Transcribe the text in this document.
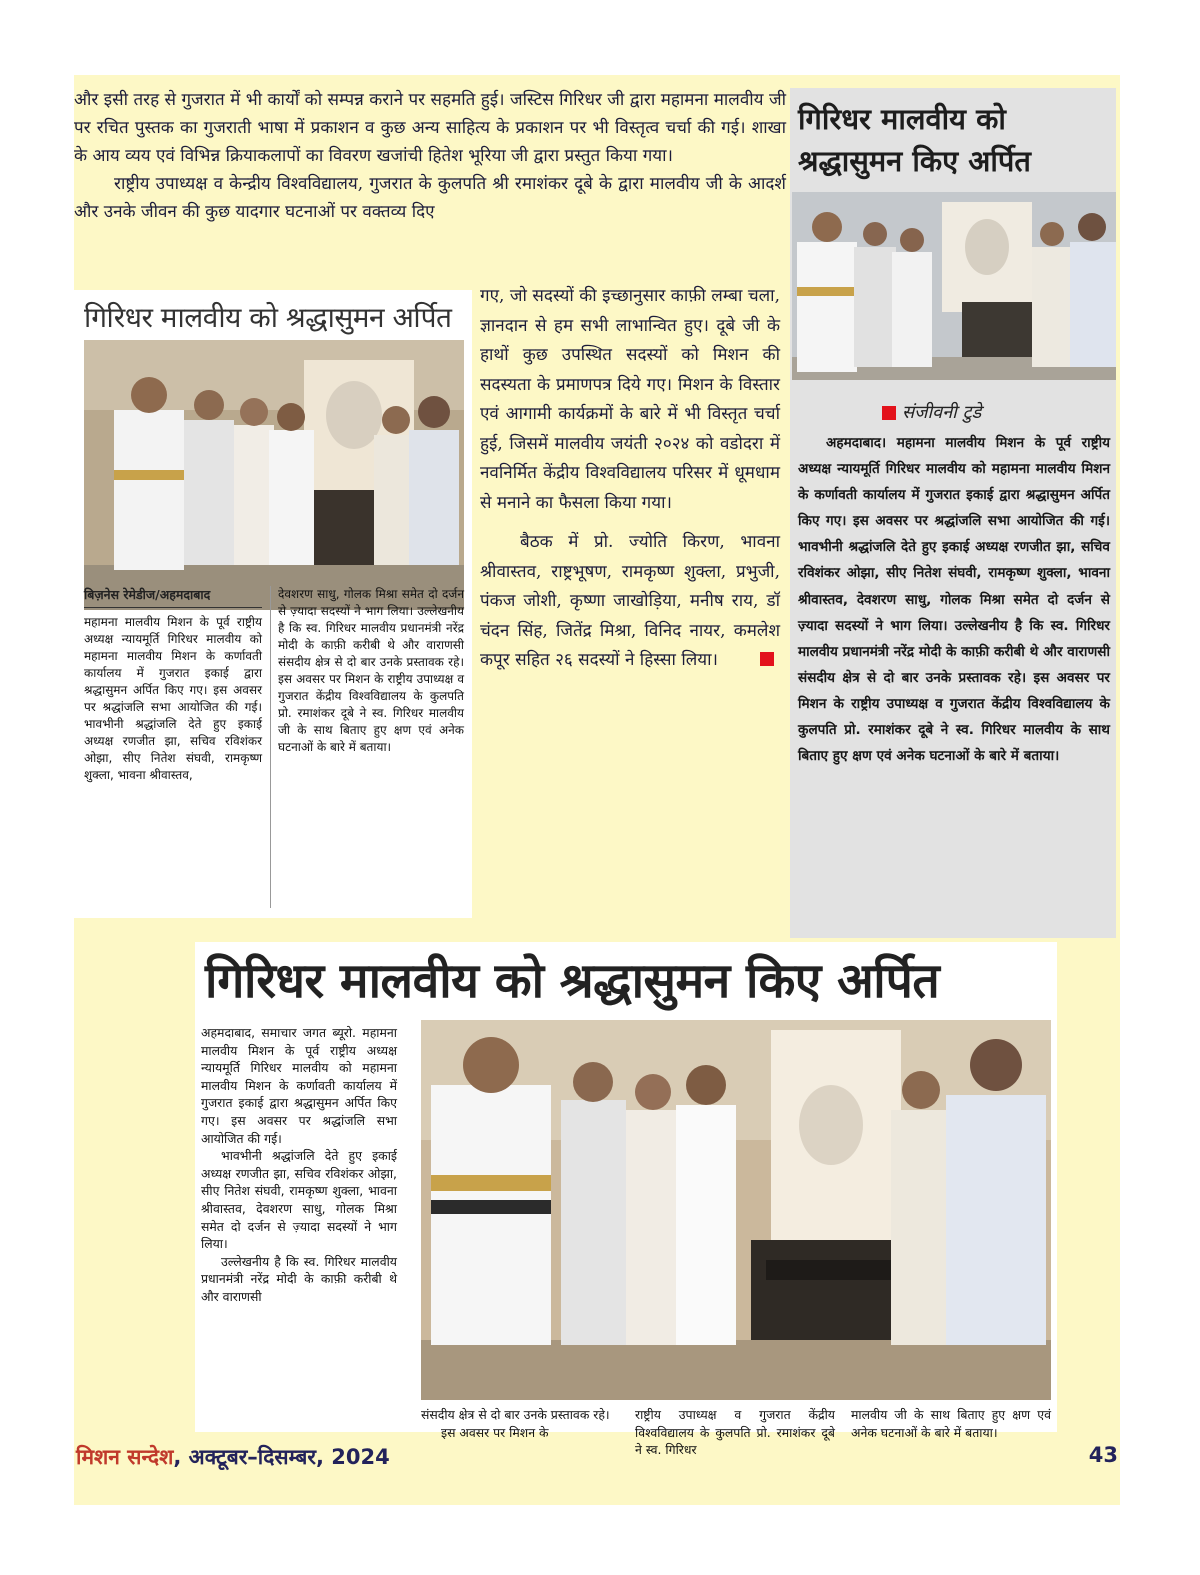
और इसी तरह से गुजरात में भी कार्यों को सम्पन्न कराने पर सहमति हुई। जस्टिस गिरिधर जी द्वारा महामना मालवीय जी पर रचित पुस्तक का गुजराती भाषा में प्रकाशन व कुछ अन्य साहित्य के प्रकाशन पर भी विस्तृत्व चर्चा की गई। शाखा के आय व्यय एवं विभिन्न क्रियाकलापों का विवरण खजांची हितेश भूरिया जी द्वारा प्रस्तुत किया गया।

राष्ट्रीय उपाध्यक्ष व केन्द्रीय विश्वविद्यालय, गुजरात के कुलपति श्री रमाशंकर दूबे के द्वारा मालवीय जी के आदर्श और उनके जीवन की कुछ यादगार घटनाओं पर वक्तव्य दिए

गए, जो सदस्यों की इच्छानुसार काफ़ी लम्बा चला, ज्ञानदान से हम सभी लाभान्वित हुए। दूबे जी के हाथों कुछ उपस्थित सदस्यों को मिशन की सदस्यता के प्रमाणपत्र दिये गए। मिशन के विस्तार एवं आगामी कार्यक्रमों के बारे में भी विस्तृत चर्चा हुई, जिसमें मालवीय जयंती २०२४ को वडोदरा में नवनिर्मित केंद्रीय विश्वविद्यालय परिसर में धूमधाम से मनाने का फैसला किया गया।

बैठक में प्रो. ज्योति किरण, भावना श्रीवास्तव, राष्ट्रभूषण, रामकृष्ण शुक्ला, प्रभुजी, पंकज जोशी, कृष्णा जाखोड़िया, मनीष राय, डॉ चंदन सिंह, जितेंद्र मिश्रा, विनिद नायर, कमलेश कपूर सहित २६ सदस्यों ने हिस्सा लिया।

गिरिधर मालवीय को श्रद्धासुमन अर्पित
बिज़नेस रेमेडीज/अहमदाबाद

महामना मालवीय मिशन के पूर्व राष्ट्रीय अध्यक्ष न्यायमूर्ति गिरिधर मालवीय को महामना मालवीय मिशन के कर्णावती कार्यालय में गुजरात इकाई द्वारा श्रद्धासुमन अर्पित किए गए। इस अवसर पर श्रद्धांजलि सभा आयोजित की गई। भावभीनी श्रद्धांजलि देते हुए इकाई अध्यक्ष रणजीत झा, सचिव रविशंकर ओझा, सीए नितेश संघवी, रामकृष्ण शुक्ला, भावना श्रीवास्तव,

देवशरण साधु, गोलक मिश्रा समेत दो दर्जन से ज़्यादा सदस्यों ने भाग लिया। उल्लेखनीय है कि स्व. गिरिधर मालवीय प्रधानमंत्री नरेंद्र मोदी के काफ़ी करीबी थे और वाराणसी संसदीय क्षेत्र से दो बार उनके प्रस्तावक रहे। इस अवसर पर मिशन के राष्ट्रीय उपाध्यक्ष व गुजरात केंद्रीय विश्वविद्यालय के कुलपति प्रो. रमाशंकर दूबे ने स्व. गिरिधर मालवीय जी के साथ बिताए हुए क्षण एवं अनेक घटनाओं के बारे में बताया।

गिरिधर मालवीय को
श्रद्धासुमन किए अर्पित
संजीवनी टुडे

अहमदाबाद। महामना मालवीय मिशन के पूर्व राष्ट्रीय अध्यक्ष न्यायमूर्ति गिरिधर मालवीय को महामना मालवीय मिशन के कर्णावती कार्यालय में गुजरात इकाई द्वारा श्रद्धासुमन अर्पित किए गए। इस अवसर पर श्रद्धांजलि सभा आयोजित की गई। भावभीनी श्रद्धांजलि देते हुए इकाई अध्यक्ष रणजीत झा, सचिव रविशंकर ओझा, सीए नितेश संघवी, रामकृष्ण शुक्ला, भावना श्रीवास्तव, देवशरण साधु, गोलक मिश्रा समेत दो दर्जन से ज़्यादा सदस्यों ने भाग लिया। उल्लेखनीय है कि स्व. गिरिधर मालवीय प्रधानमंत्री नरेंद्र मोदी के काफ़ी करीबी थे और वाराणसी संसदीय क्षेत्र से दो बार उनके प्रस्तावक रहे। इस अवसर पर मिशन के राष्ट्रीय उपाध्यक्ष व गुजरात केंद्रीय विश्वविद्यालय के कुलपति प्रो. रमाशंकर दूबे ने स्व. गिरिधर मालवीय के साथ बिताए हुए क्षण एवं अनेक घटनाओं के बारे में बताया।

गिरिधर मालवीय को श्रद्धासुमन किए अर्पित

अहमदाबाद, समाचार जगत ब्यूरो. महामना मालवीय मिशन के पूर्व राष्ट्रीय अध्यक्ष न्यायमूर्ति गिरिधर मालवीय को महामना मालवीय मिशन के कर्णावती कार्यालय में गुजरात इकाई द्वारा श्रद्धासुमन अर्पित किए गए। इस अवसर पर श्रद्धांजलि सभा आयोजित की गई।

भावभीनी श्रद्धांजलि देते हुए इकाई अध्यक्ष रणजीत झा, सचिव रविशंकर ओझा, सीए नितेश संघवी, रामकृष्ण शुक्ला, भावना श्रीवास्तव, देवशरण साधु, गोलक मिश्रा समेत दो दर्जन से ज़्यादा सदस्यों ने भाग लिया।

उल्लेखनीय है कि स्व. गिरिधर मालवीय प्रधानमंत्री नरेंद्र मोदी के काफ़ी करीबी थे और वाराणसी

संसदीय क्षेत्र से दो बार उनके प्रस्तावक रहे।

इस अवसर पर मिशन के

राष्ट्रीय उपाध्यक्ष व गुजरात केंद्रीय विश्वविद्यालय के कुलपति प्रो. रमाशंकर दूबे ने स्व. गिरिधर

मालवीय जी के साथ बिताए हुए क्षण एवं अनेक घटनाओं के बारे में बताया।

मिशन सन्देश, अक्टूबर–दिसम्बर, 2024	43
